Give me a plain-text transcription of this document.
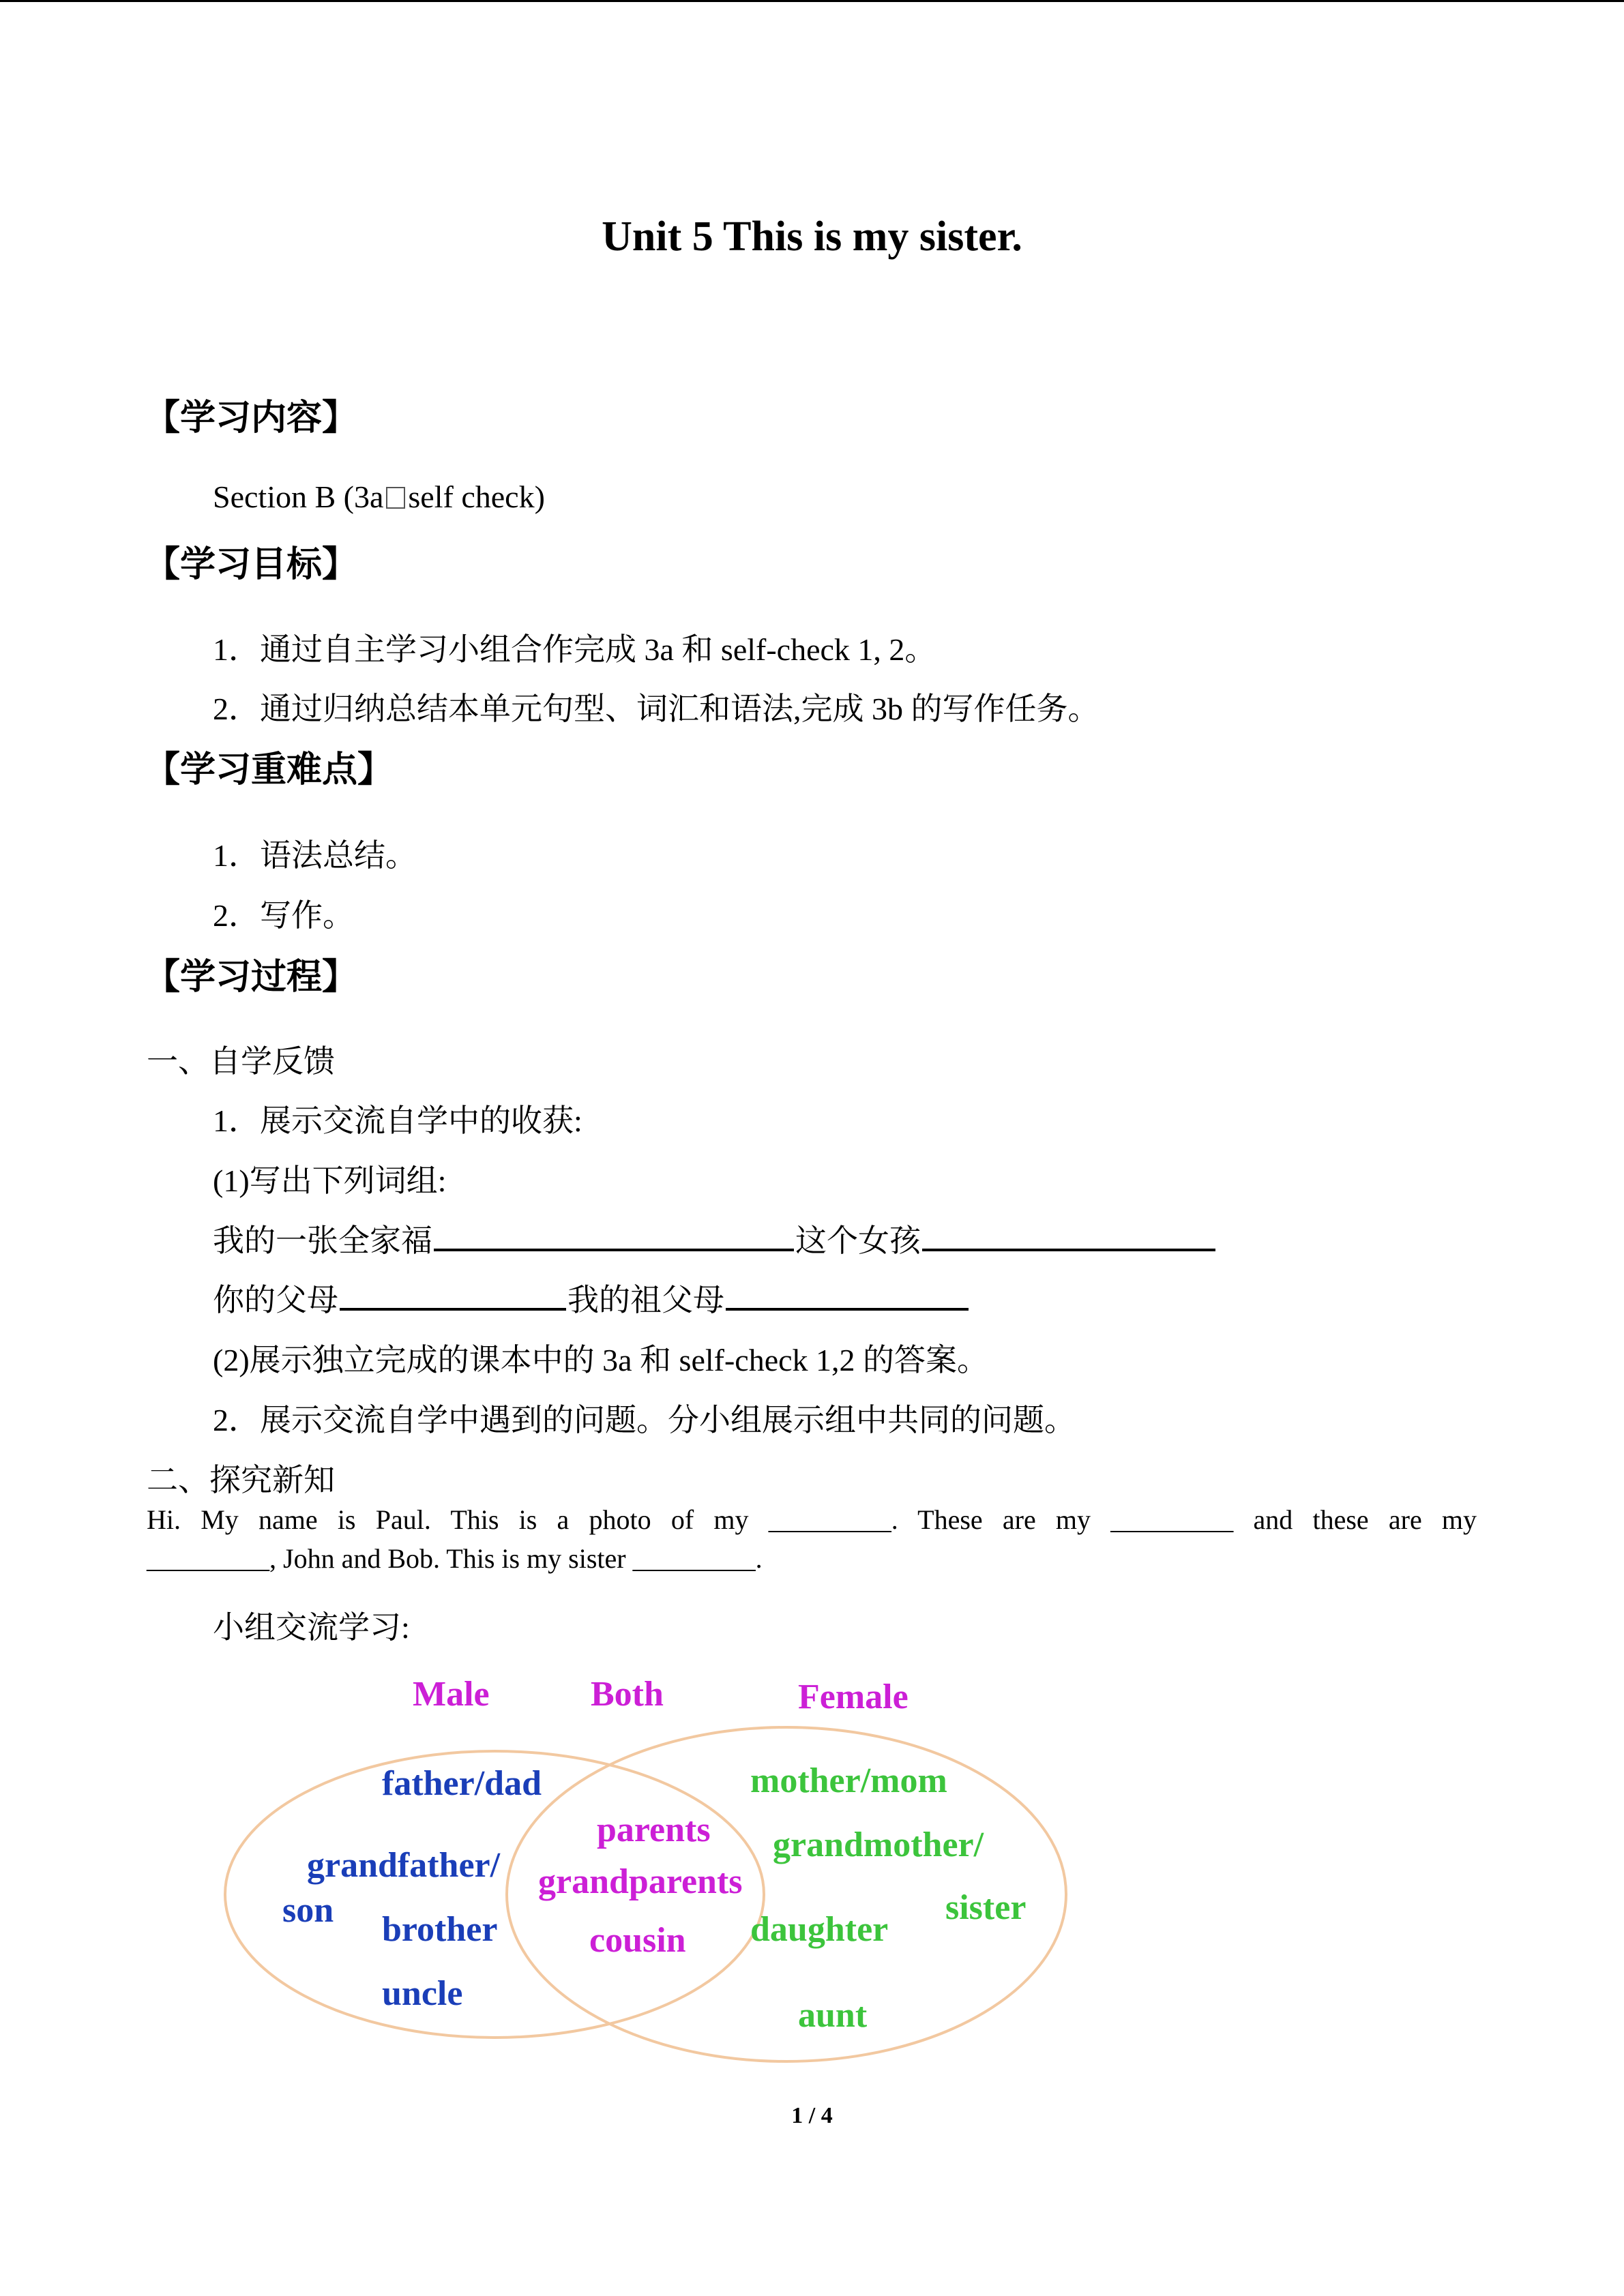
Unit 5 This is my sister.
【学习内容】
Section B (3a self check)
【学习目标】
1．通过自主学习小组合作完成 3a 和 self-check 1, 2。
2．通过归纳总结本单元句型、词汇和语法,完成 3b 的写作任务。
【学习重难点】
1．语法总结。
2．写作。
【学习过程】
一、自学反馈
1．展示交流自学中的收获:
(1)写出下列词组:
我的一张全家福	这个女孩
你的父母	我的祖父母
(2)展示独立完成的课本中的 3a 和 self-check 1,2 的答案。
2．展示交流自学中遇到的问题。分小组展示组中共同的问题。
二、探究新知
Hi. My name is Paul. This is a photo of my _________. These are my _________ and these are my
_________, John and Bob. This is my sister _________.
小组交流学习:
Male	Both	Female
father/dad
grandfather/
son brother
uncle
parents
grandparents
cousin
mother/mom
grandmother/
sister
daughter
aunt
1 / 4
